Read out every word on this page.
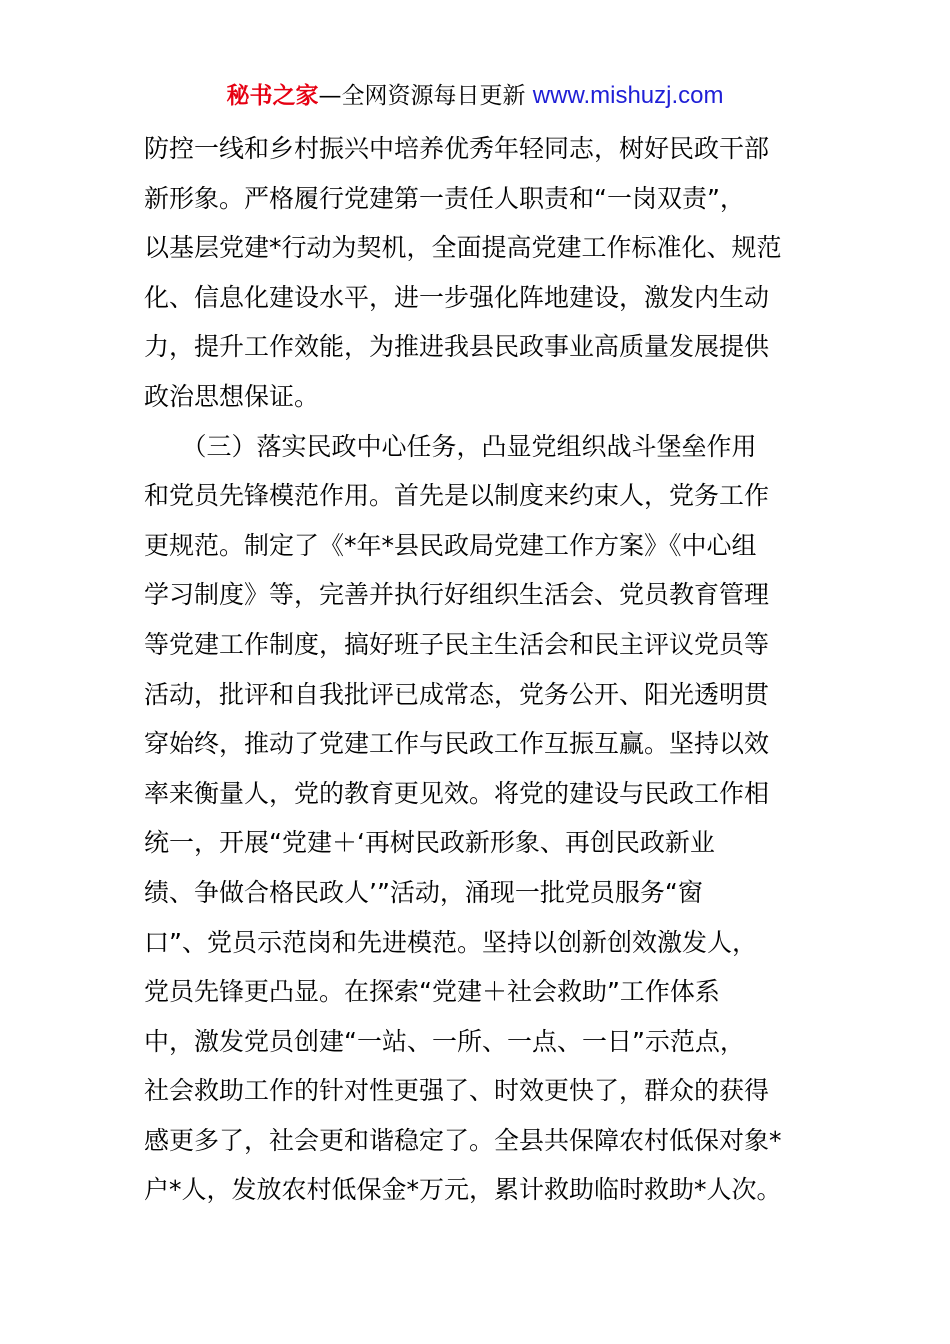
秘书之家—全网资源每日更新 www.mishuzj.com
防控一线和乡村振兴中培养优秀年轻同志，树好民政干部
新形象。严格履行党建第一责任人职责和“一岗双责”，
以基层党建*行动为契机，全面提高党建工作标准化、规范
化、信息化建设水平，进一步强化阵地建设，激发内生动
力，提升工作效能，为推进我县民政事业高质量发展提供
政治思想保证。
　　（三）落实民政中心任务，凸显党组织战斗堡垒作用
和党员先锋模范作用。首先是以制度来约束人，党务工作
更规范。制定了《*年*县民政局党建工作方案》《中心组
学习制度》等，完善并执行好组织生活会、党员教育管理
等党建工作制度，搞好班子民主生活会和民主评议党员等
活动，批评和自我批评已成常态，党务公开、阳光透明贯
穿始终，推动了党建工作与民政工作互振互赢。坚持以效
率来衡量人，党的教育更见效。将党的建设与民政工作相
统一，开展“党建＋‘再树民政新形象、再创民政新业
绩、争做合格民政人’”活动，涌现一批党员服务“窗
口”、党员示范岗和先进模范。坚持以创新创效激发人，
党员先锋更凸显。在探索“党建＋社会救助”工作体系
中，激发党员创建“一站、一所、一点、一日”示范点，
社会救助工作的针对性更强了、时效更快了，群众的获得
感更多了，社会更和谐稳定了。全县共保障农村低保对象*
户*人，发放农村低保金*万元，累计救助临时救助*人次。
